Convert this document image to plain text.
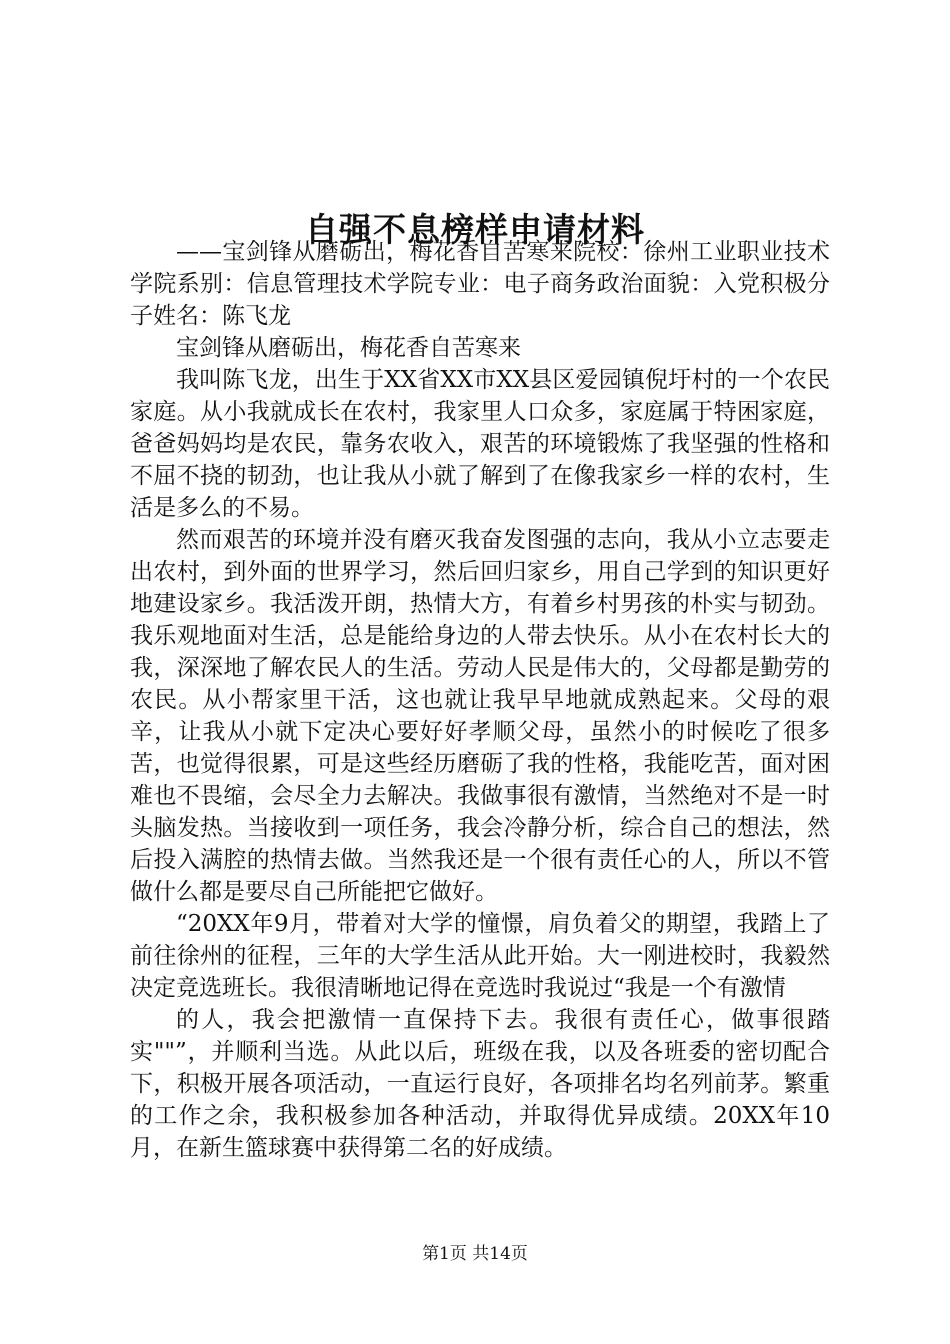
自强不息榜样申请材料

——宝剑锋从磨砺出，梅花香自苦寒来院校：徐州工业职业技术学院系别：信息管理技术学院专业：电子商务政治面貌：入党积极分子姓名：陈飞龙

宝剑锋从磨砺出，梅花香自苦寒来

我叫陈飞龙，出生于XX省XX市XX县区爱园镇倪圩村的一个农民家庭。从小我就成长在农村，我家里人口众多，家庭属于特困家庭，爸爸妈妈均是农民，靠务农收入，艰苦的环境锻炼了我坚强的性格和不屈不挠的韧劲，也让我从小就了解到了在像我家乡一样的农村，生活是多么的不易。

然而艰苦的环境并没有磨灭我奋发图强的志向，我从小立志要走出农村，到外面的世界学习，然后回归家乡，用自己学到的知识更好地建设家乡。我活泼开朗，热情大方，有着乡村男孩的朴实与韧劲。我乐观地面对生活，总是能给身边的人带去快乐。从小在农村长大的我，深深地了解农民人的生活。劳动人民是伟大的，父母都是勤劳的农民。从小帮家里干活，这也就让我早早地就成熟起来。父母的艰辛，让我从小就下定决心要好好孝顺父母，虽然小的时候吃了很多苦，也觉得很累，可是这些经历磨砺了我的性格，我能吃苦，面对困难也不畏缩，会尽全力去解决。我做事很有激情，当然绝对不是一时头脑发热。当接收到一项任务，我会冷静分析，综合自己的想法，然后投入满腔的热情去做。当然我还是一个很有责任心的人，所以不管做什么都是要尽自己所能把它做好。

“20XX年9月，带着对大学的憧憬，肩负着父的期望，我踏上了前往徐州的征程，三年的大学生活从此开始。大一刚进校时，我毅然决定竞选班长。我很清晰地记得在竞选时我说过“我是一个有激情

的人，我会把激情一直保持下去。我很有责任心，做事很踏实""”，并顺利当选。从此以后，班级在我，以及各班委的密切配合下，积极开展各项活动，一直运行良好，各项排名均名列前茅。繁重的工作之余，我积极参加各种活动，并取得优异成绩。20XX年10月，在新生篮球赛中获得第二名的好成绩。

第1页 共14页
